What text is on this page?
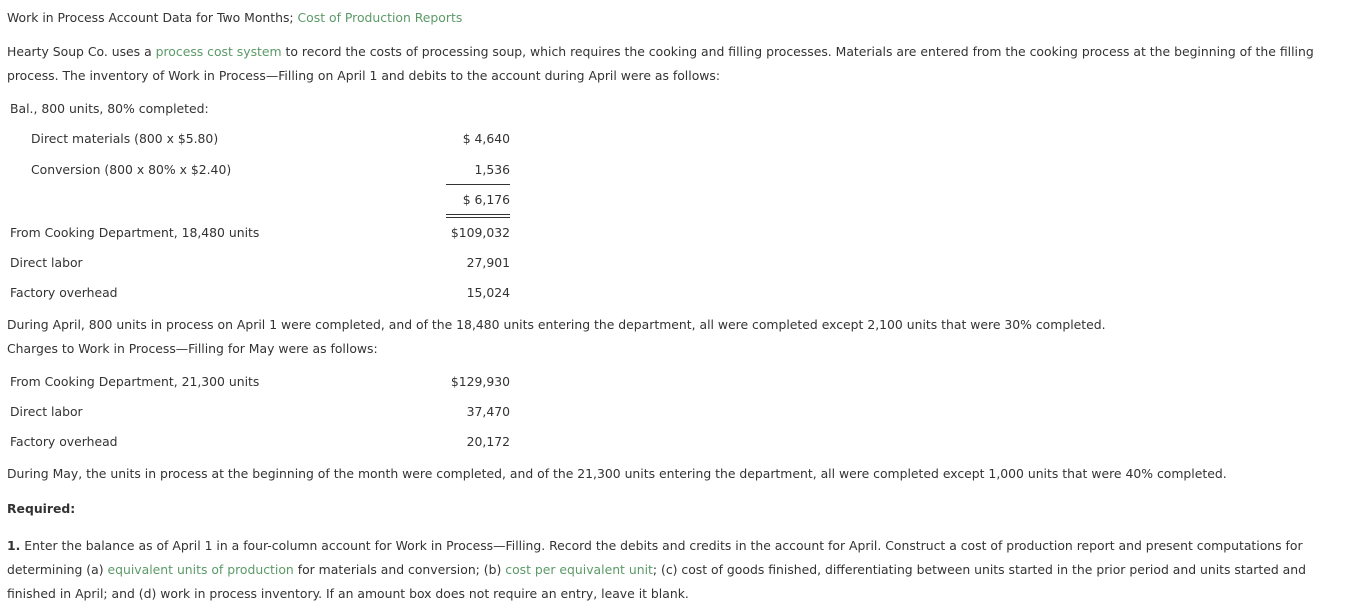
Work in Process Account Data for Two Months; Cost of Production Reports
Hearty Soup Co. uses a process cost system to record the costs of processing soup, which requires the cooking and filling processes. Materials are entered from the cooking process at the beginning of the filling process. The inventory of Work in Process—Filling on April 1 and debits to the account during April were as follows:
Bal., 800 units, 80% completed:
Direct materials (800 x $5.80)	$ 4,640
Conversion (800 x 80% x $2.40)	1,536
$ 6,176
From Cooking Department, 18,480 units	$109,032
Direct labor	27,901
Factory overhead	15,024
During April, 800 units in process on April 1 were completed, and of the 18,480 units entering the department, all were completed except 2,100 units that were 30% completed.
Charges to Work in Process—Filling for May were as follows:
From Cooking Department, 21,300 units	$129,930
Direct labor	37,470
Factory overhead	20,172
During May, the units in process at the beginning of the month were completed, and of the 21,300 units entering the department, all were completed except 1,000 units that were 40% completed.
Required:
1. Enter the balance as of April 1 in a four-column account for Work in Process—Filling. Record the debits and credits in the account for April. Construct a cost of production report and present computations for determining (a) equivalent units of production for materials and conversion; (b) cost per equivalent unit; (c) cost of goods finished, differentiating between units started in the prior period and units started and finished in April; and (d) work in process inventory. If an amount box does not require an entry, leave it blank.
